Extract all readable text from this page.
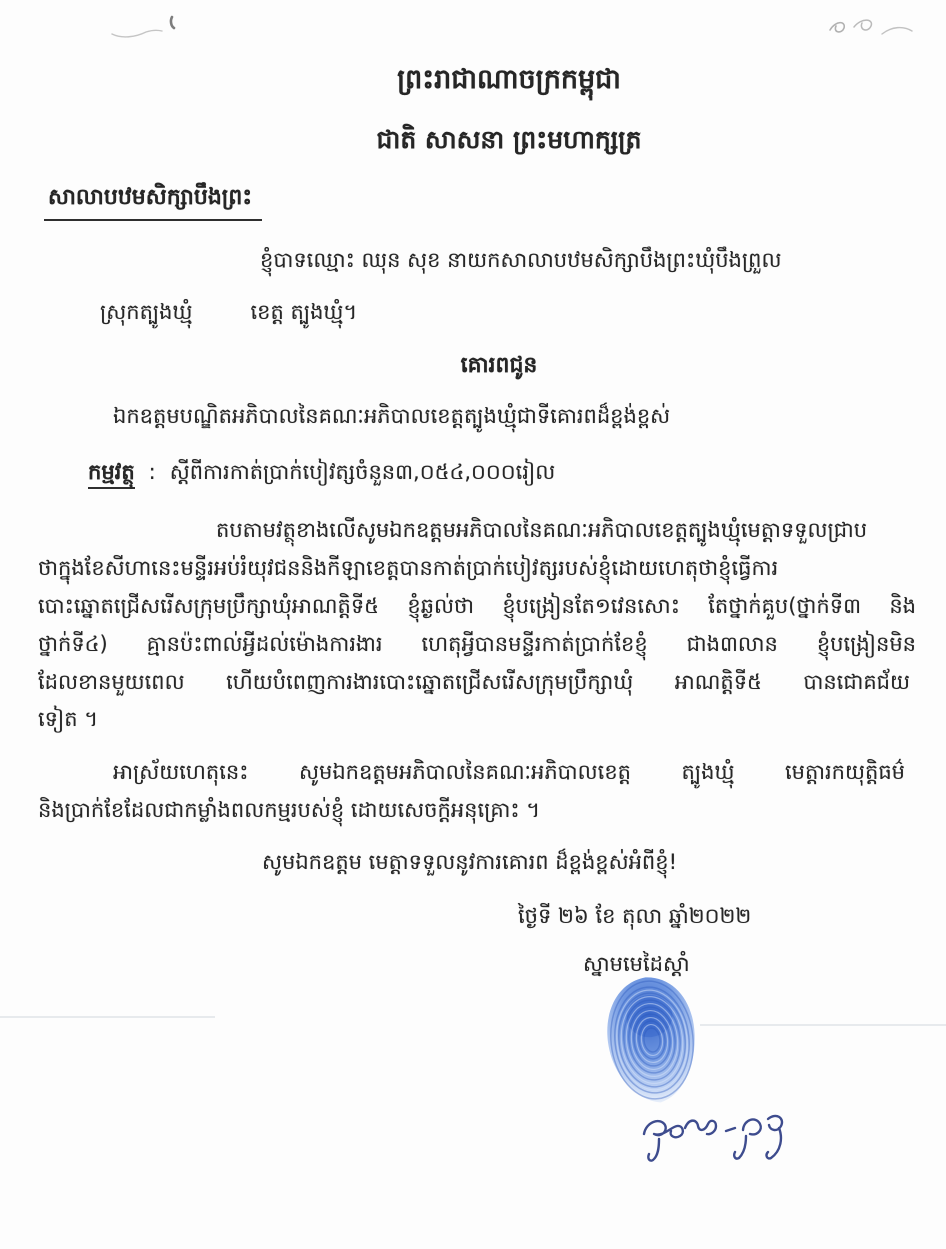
ព្រះរាជាណាចក្រកម្ពុជា
ជាតិ សាសនា ព្រះមហាក្សត្រ
សាលាបឋមសិក្សាបឹងព្រះ
ខ្ញុំបាទឈ្មោះ ឈុន សុខ នាយកសាលាបឋមសិក្សាបឹងព្រះឃុំបឹងព្រួល
ស្រុកត្បូងឃ្មុំ	ខេត្ត ត្បូងឃ្មុំ។
គោរពជូន
ឯកឧត្តមបណ្ឌិតអភិបាលនៃគណៈអភិបាលខេត្តត្បូងឃ្មុំជាទីគោរពដ៏ខ្ពង់ខ្ពស់
កម្មវត្ថុ : ស្តីពីការកាត់ប្រាក់បៀវត្សចំនួន៣,០៥៤,០០០រៀល
តបតាមវត្ថុខាងលើសូមឯកឧត្តមអភិបាលនៃគណៈអភិបាលខេត្តត្បូងឃ្មុំមេត្តាទទួលជ្រាប
ថាក្នុងខែសីហានេះមន្ទីរអប់រំយុវជននិងកីឡាខេត្តបានកាត់ប្រាក់បៀវត្សរបស់ខ្ញុំដោយហេតុថាខ្ញុំធ្វើការ
បោះឆ្នោតជ្រើសរើសក្រុមប្រឹក្សាឃុំអាណត្តិទី៥ ខ្ញុំឆ្ងល់ថា ខ្ញុំបង្រៀនតែ១វេនសោះ តែថ្នាក់គួប(ថ្នាក់ទី៣ និង
ថ្នាក់ទី៤) គ្មានប៉ះពាល់អ្វីដល់ម៉ោងការងារ ហេតុអ្វីបានមន្ទីរកាត់ប្រាក់ខែខ្ញុំ ជាង៣លាន ខ្ញុំបង្រៀនមិន
ដែលខានមួយពេល ហើយបំពេញការងារបោះឆ្នោតជ្រើសរើសក្រុមប្រឹក្សាឃុំ អាណត្តិទី៥ បានជោគជ័យ
ទៀត ។
អាស្រ័យហេតុនេះ សូមឯកឧត្តមអភិបាលនៃគណៈអភិបាលខេត្ត ត្បូងឃ្មុំ មេត្តារកយុត្តិធម៌
និងប្រាក់ខែដែលជាកម្លាំងពលកម្មរបស់ខ្ញុំ ដោយសេចក្តីអនុគ្រោះ ។
សូមឯកឧត្តម មេត្តាទទួលនូវការគោរព ដ៏ខ្ពង់ខ្ពស់អំពីខ្ញុំ!
ថ្ងៃទី ២៦ ខែ តុលា ឆ្នាំ២០២២
ស្នាមមេដៃស្តាំ
